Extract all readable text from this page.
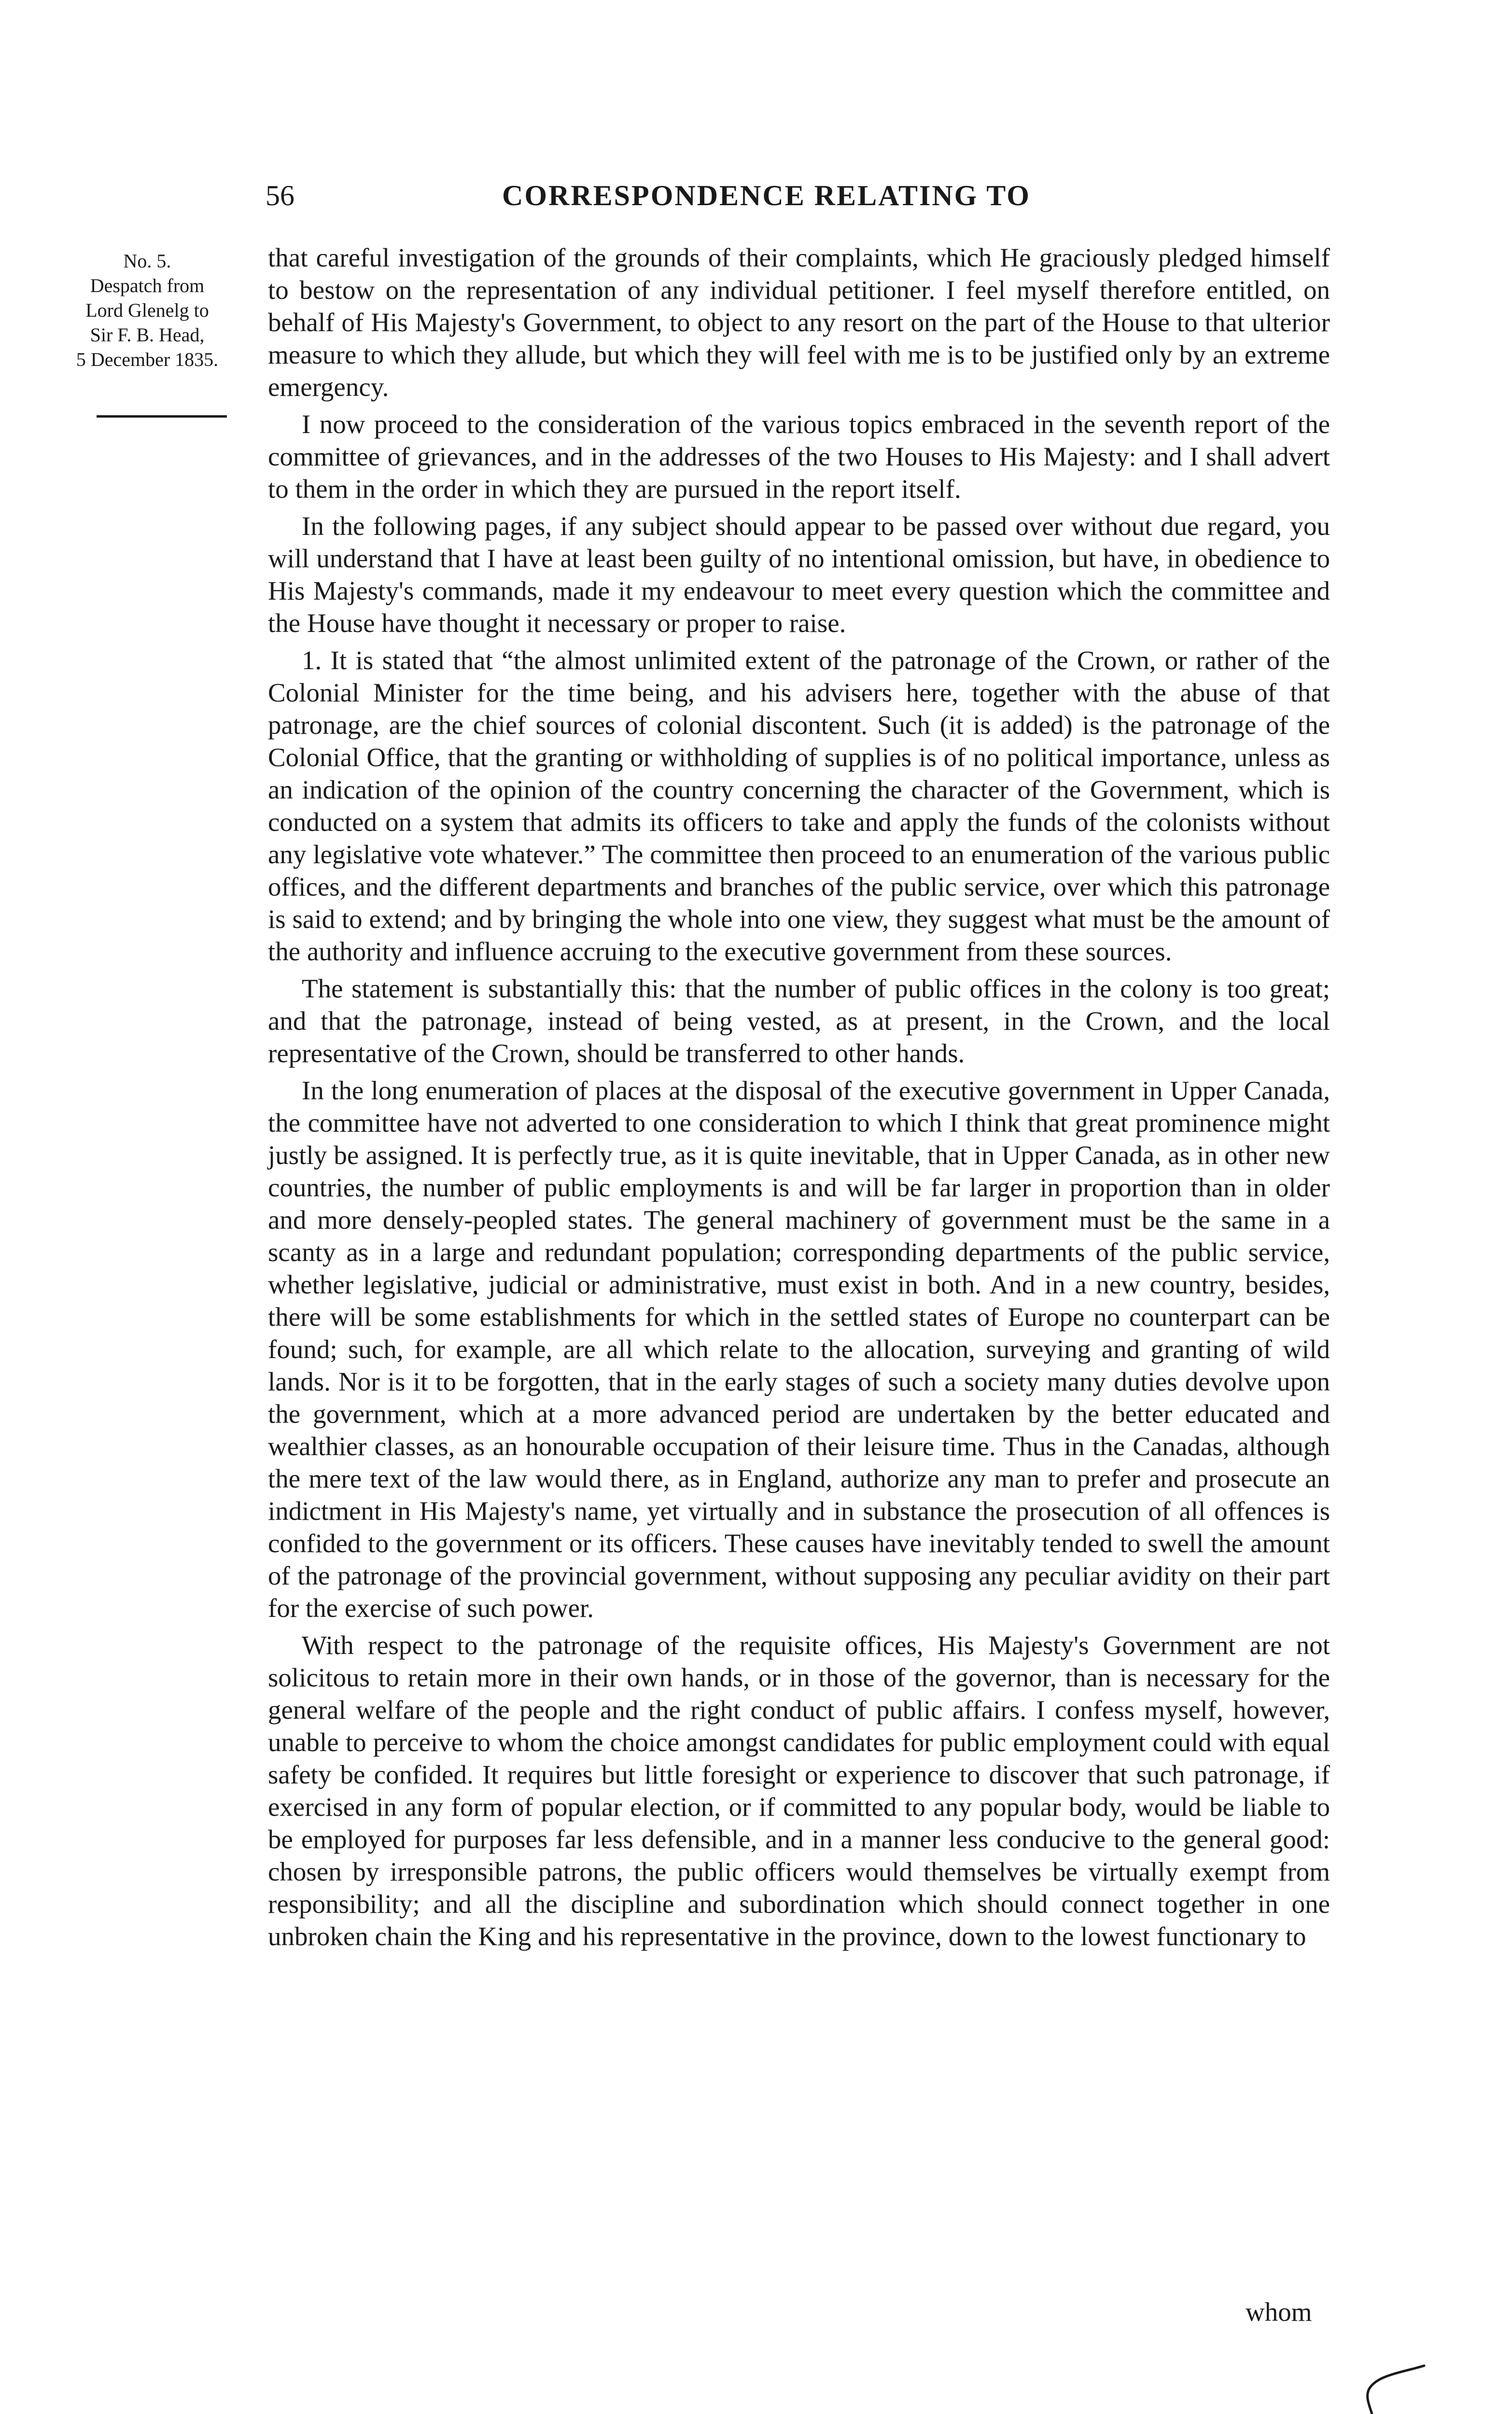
56	CORRESPONDENCE RELATING TO
No. 5.
Despatch from
Lord Glenelg to
Sir F. B. Head,
5 December 1835.

that careful investigation of the grounds of their complaints, which He graciously pledged himself to bestow on the representation of any individual petitioner. I feel myself therefore entitled, on behalf of His Majesty's Government, to object to any resort on the part of the House to that ulterior measure to which they allude, but which they will feel with me is to be justified only by an extreme emergency.

I now proceed to the consideration of the various topics embraced in the seventh report of the committee of grievances, and in the addresses of the two Houses to His Majesty: and I shall advert to them in the order in which they are pursued in the report itself.

In the following pages, if any subject should appear to be passed over without due regard, you will understand that I have at least been guilty of no intentional omission, but have, in obedience to His Majesty's commands, made it my endeavour to meet every question which the committee and the House have thought it necessary or proper to raise.

1. It is stated that “the almost unlimited extent of the patronage of the Crown, or rather of the Colonial Minister for the time being, and his advisers here, together with the abuse of that patronage, are the chief sources of colonial discontent. Such (it is added) is the patronage of the Colonial Office, that the granting or withholding of supplies is of no political importance, unless as an indication of the opinion of the country concerning the character of the Government, which is conducted on a system that admits its officers to take and apply the funds of the colonists without any legislative vote whatever.” The committee then proceed to an enumeration of the various public offices, and the different departments and branches of the public service, over which this patronage is said to extend; and by bringing the whole into one view, they suggest what must be the amount of the authority and influence accruing to the executive government from these sources.

The statement is substantially this: that the number of public offices in the colony is too great; and that the patronage, instead of being vested, as at present, in the Crown, and the local representative of the Crown, should be transferred to other hands.

In the long enumeration of places at the disposal of the executive government in Upper Canada, the committee have not adverted to one consideration to which I think that great prominence might justly be assigned. It is perfectly true, as it is quite inevitable, that in Upper Canada, as in other new countries, the number of public employments is and will be far larger in proportion than in older and more densely-peopled states. The general machinery of government must be the same in a scanty as in a large and redundant population; corresponding departments of the public service, whether legislative, judicial or administrative, must exist in both. And in a new country, besides, there will be some establishments for which in the settled states of Europe no counterpart can be found; such, for example, are all which relate to the allocation, surveying and granting of wild lands. Nor is it to be forgotten, that in the early stages of such a society many duties devolve upon the government, which at a more advanced period are undertaken by the better educated and wealthier classes, as an honourable occupation of their leisure time. Thus in the Canadas, although the mere text of the law would there, as in England, authorize any man to prefer and prosecute an indictment in His Majesty's name, yet virtually and in substance the prosecution of all offences is confided to the government or its officers. These causes have inevitably tended to swell the amount of the patronage of the provincial government, without supposing any peculiar avidity on their part for the exercise of such power.

With respect to the patronage of the requisite offices, His Majesty's Government are not solicitous to retain more in their own hands, or in those of the governor, than is necessary for the general welfare of the people and the right conduct of public affairs. I confess myself, however, unable to perceive to whom the choice amongst candidates for public employment could with equal safety be confided. It requires but little foresight or experience to discover that such patronage, if exercised in any form of popular election, or if committed to any popular body, would be liable to be employed for purposes far less defensible, and in a manner less conducive to the general good: chosen by irresponsible patrons, the public officers would themselves be virtually exempt from responsibility; and all the discipline and subordination which should connect together in one unbroken chain the King and his representative in the province, down to the lowest functionary to

whom
